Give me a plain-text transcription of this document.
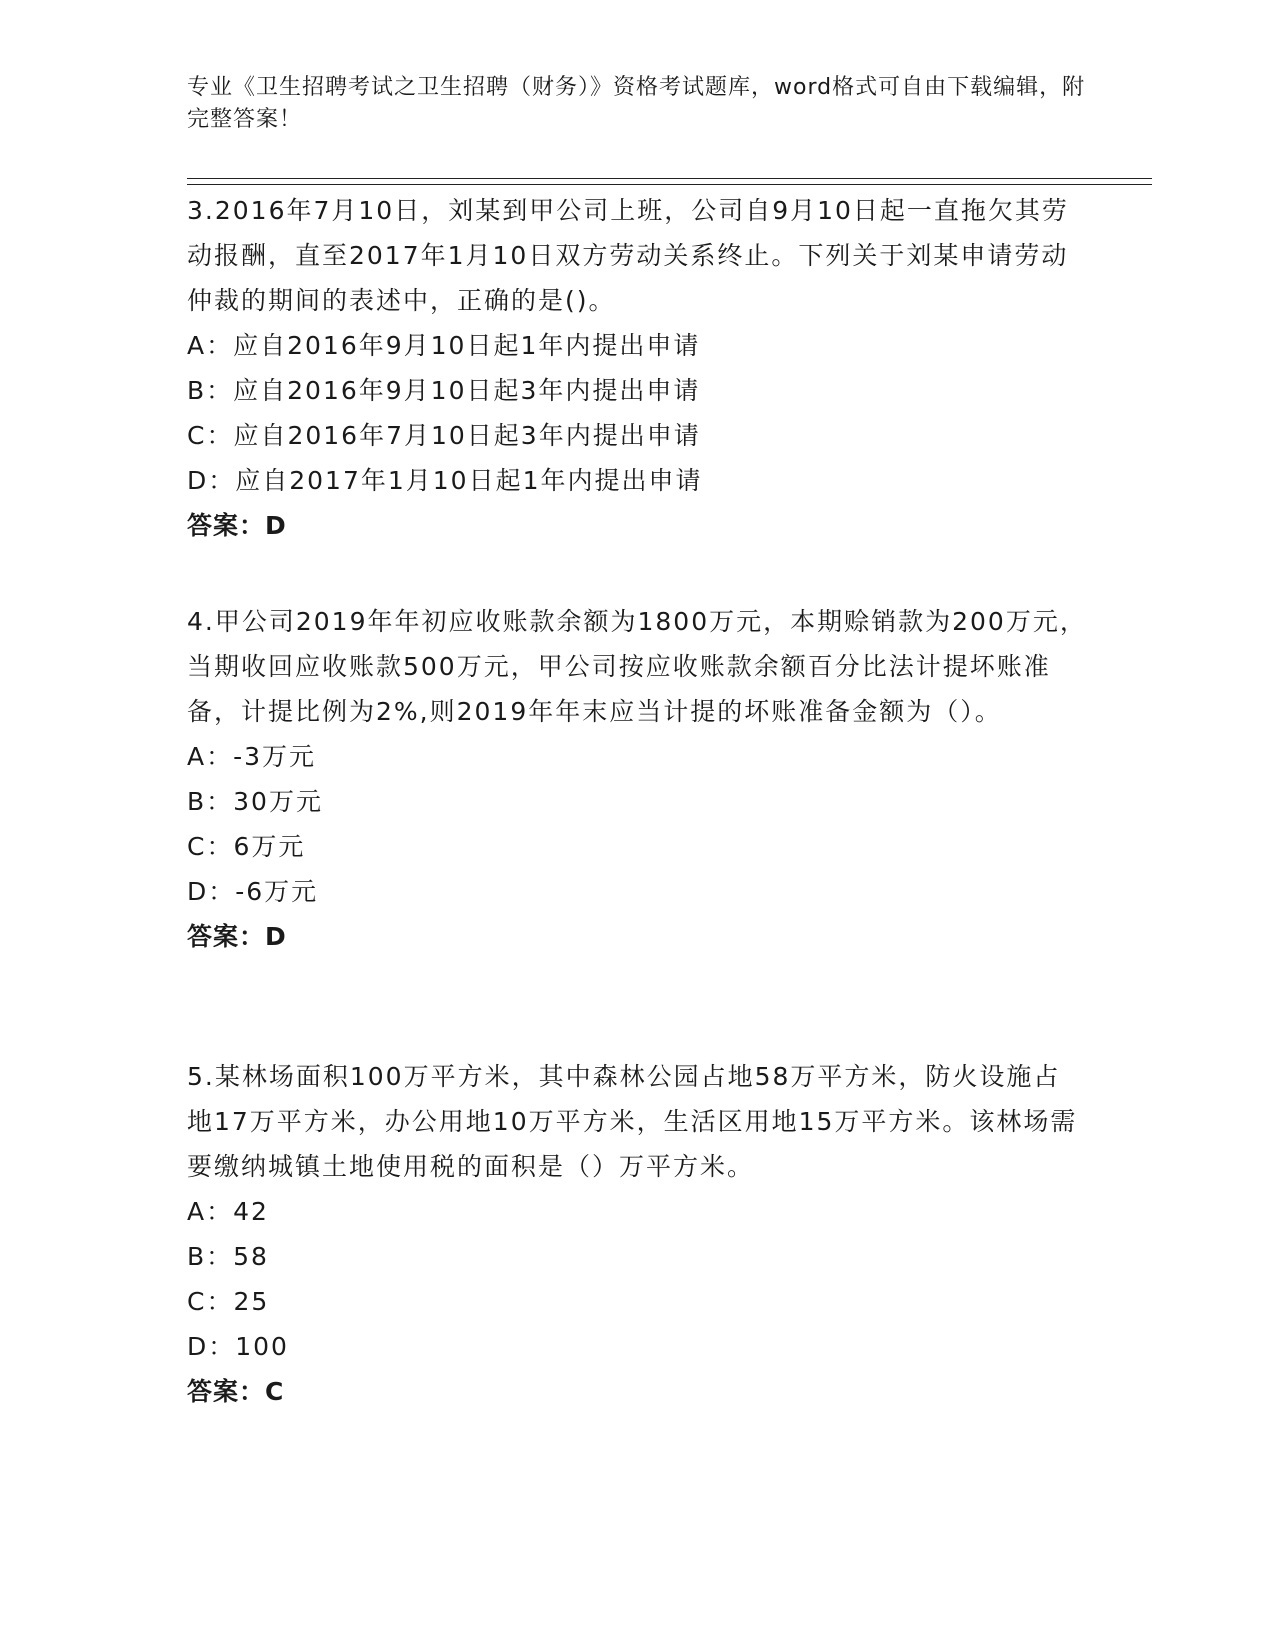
专业《卫生招聘考试之卫生招聘（财务）》资格考试题库，word格式可自由下载编辑，附完整答案！
3.2016年7月10日，刘某到甲公司上班，公司自9月10日起一直拖欠其劳动报酬，直至2017年1月10日双方劳动关系终止。下列关于刘某申请劳动仲裁的期间的表述中，正确的是()。
A：应自2016年9月10日起1年内提出申请
B：应自2016年9月10日起3年内提出申请
C：应自2016年7月10日起3年内提出申请
D：应自2017年1月10日起1年内提出申请
答案：D
4.甲公司2019年年初应收账款余额为1800万元，本期赊销款为200万元，当期收回应收账款500万元，甲公司按应收账款余额百分比法计提坏账准备，计提比例为2%,则2019年年末应当计提的坏账准备金额为（）。
A：-3万元
B：30万元
C：6万元
D：-6万元
答案：D
5.某林场面积100万平方米，其中森林公园占地58万平方米，防火设施占地17万平方米，办公用地10万平方米，生活区用地15万平方米。该林场需要缴纳城镇土地使用税的面积是（）万平方米。
A：42
B：58
C：25
D：100
答案：C
